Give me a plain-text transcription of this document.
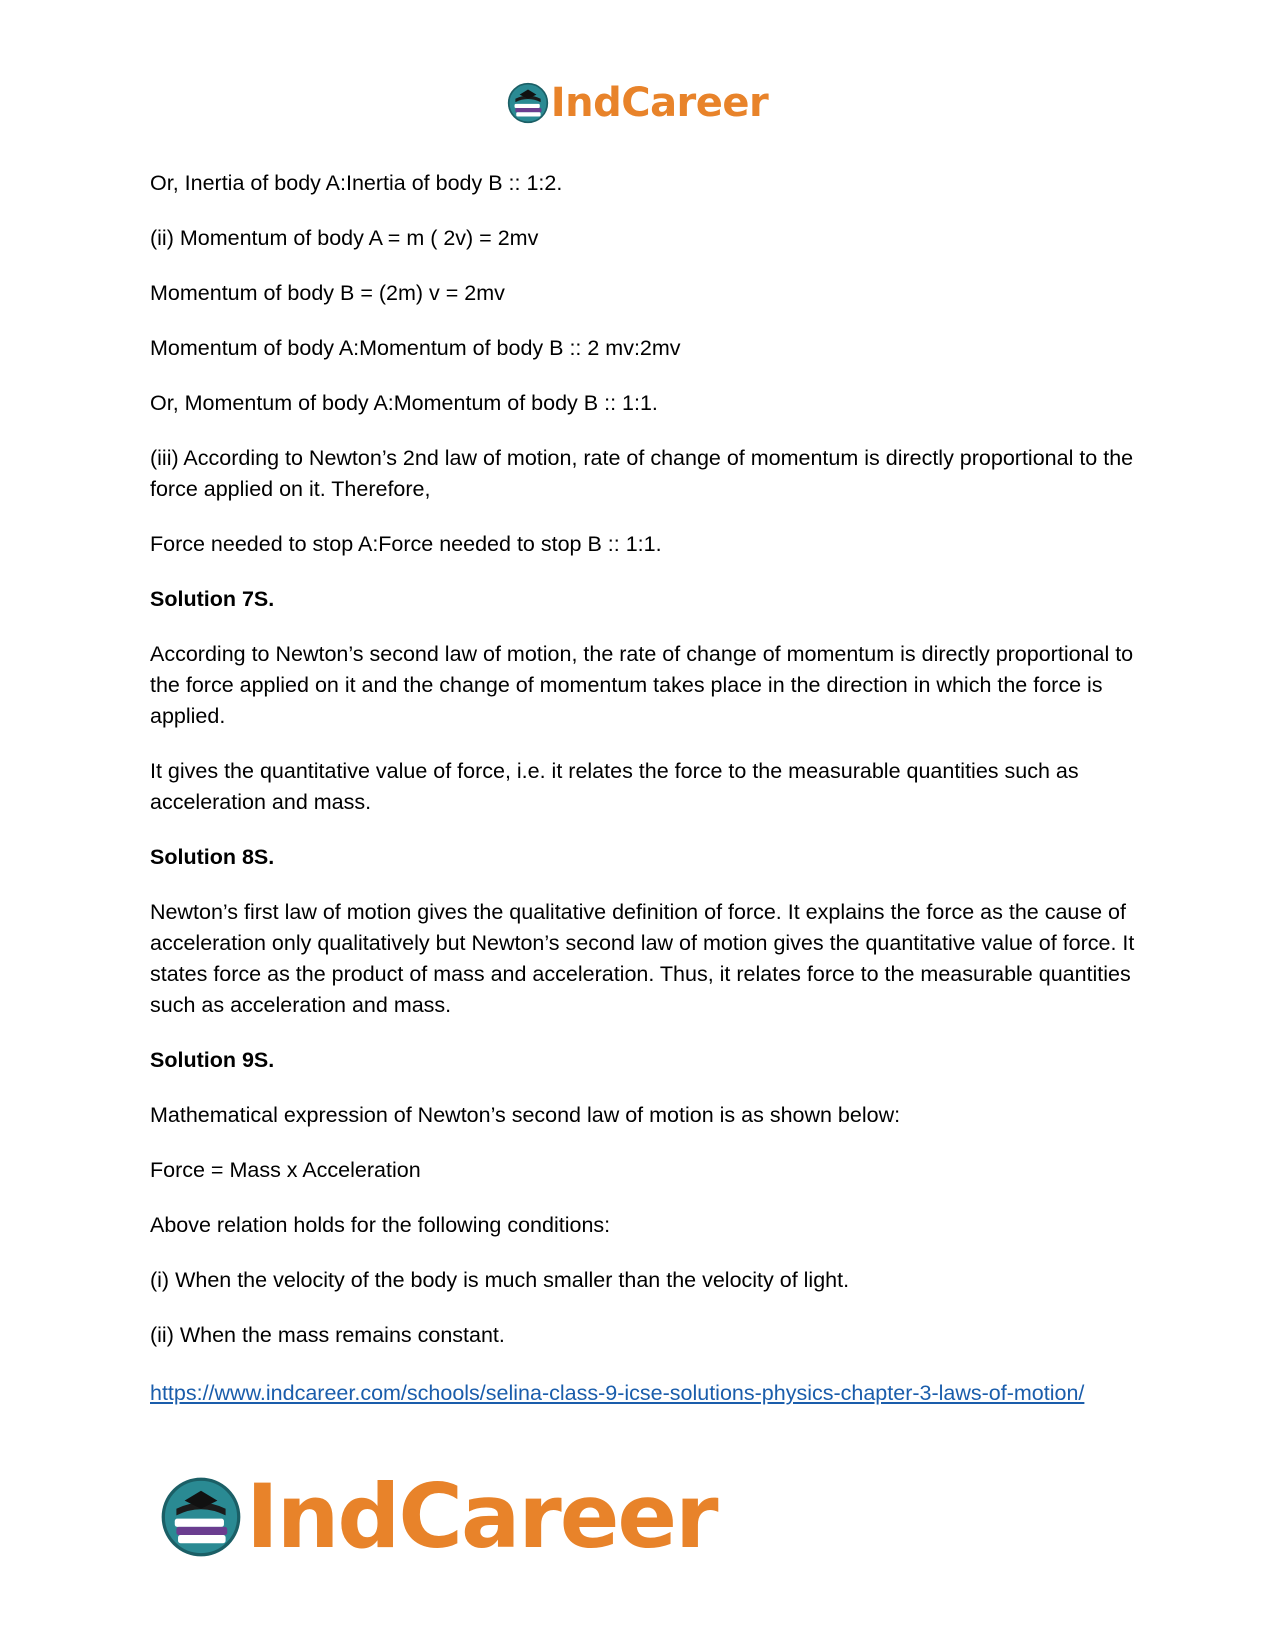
IndCareer

Or, Inertia of body A:Inertia of body B :: 1:2.

(ii) Momentum of body A = m ( 2v) = 2mv

Momentum of body B = (2m) v = 2mv

Momentum of body A:Momentum of body B :: 2 mv:2mv

Or, Momentum of body A:Momentum of body B :: 1:1.

(iii) According to Newton’s 2nd law of motion, rate of change of momentum is directly proportional to the force applied on it. Therefore,

Force needed to stop A:Force needed to stop B :: 1:1.

Solution 7S.

According to Newton’s second law of motion, the rate of change of momentum is directly proportional to the force applied on it and the change of momentum takes place in the direction in which the force is applied.

It gives the quantitative value of force, i.e. it relates the force to the measurable quantities such as acceleration and mass.

Solution 8S.

Newton’s first law of motion gives the qualitative definition of force. It explains the force as the cause of acceleration only qualitatively but Newton’s second law of motion gives the quantitative value of force. It states force as the product of mass and acceleration. Thus, it relates force to the measurable quantities such as acceleration and mass.

Solution 9S.

Mathematical expression of Newton’s second law of motion is as shown below:

Force = Mass x Acceleration

Above relation holds for the following conditions:

(i) When the velocity of the body is much smaller than the velocity of light.

(ii) When the mass remains constant.

https://www.indcareer.com/schools/selina-class-9-icse-solutions-physics-chapter-3-laws-of-motion/
IndCareer
